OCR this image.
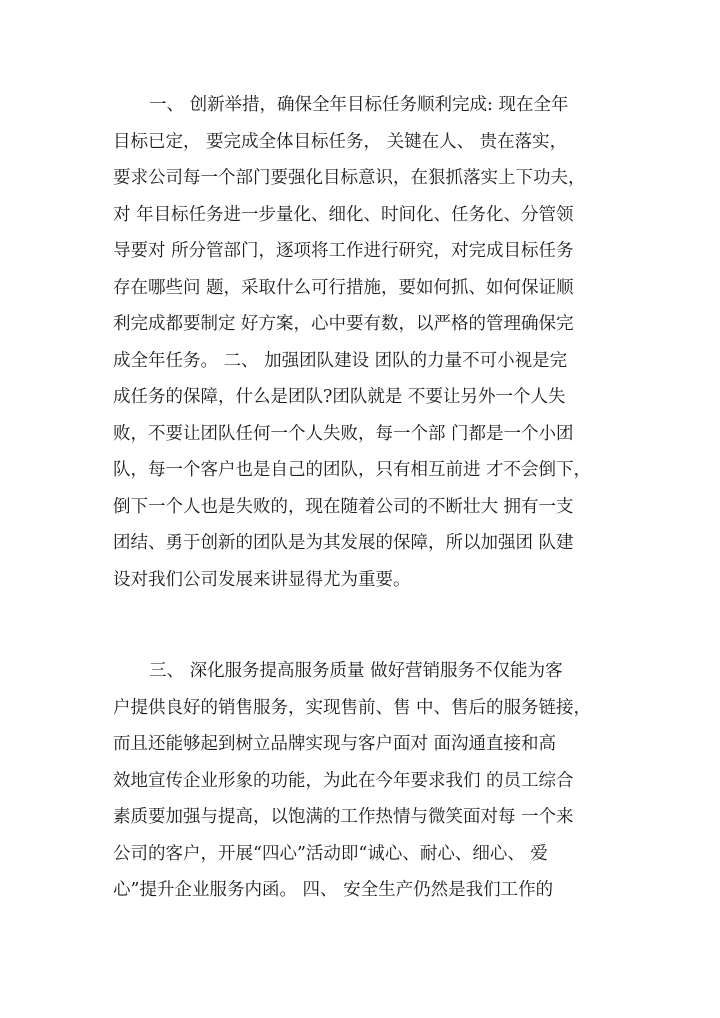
一、 创新举措，确保全年目标任务顺利完成: 现在全年
目标已定， 要完成全体目标任务， 关键在人、 贵在落实，
要求公司每一个部门要强化目标意识，在狠抓落实上下功夫，
对 年目标任务进一步量化、细化、时间化、任务化、分管领
导要对 所分管部门，逐项将工作进行研究，对完成目标任务
存在哪些问 题，采取什么可行措施，要如何抓、如何保证顺
利完成都要制定 好方案，心中要有数，以严格的管理确保完
成全年任务。 二、 加强团队建设 团队的力量不可小视是完
成任务的保障，什么是团队?团队就是 不要让另外一个人失
败，不要让团队任何一个人失败，每一个部 门都是一个小团
队，每一个客户也是自己的团队，只有相互前进 才不会倒下，
倒下一个人也是失败的，现在随着公司的不断壮大 拥有一支
团结、勇于创新的团队是为其发展的保障，所以加强团 队建
设对我们公司发展来讲显得尤为重要。
三、 深化服务提高服务质量 做好营销服务不仅能为客
户提供良好的销售服务，实现售前、售 中、售后的服务链接，
而且还能够起到树立品牌实现与客户面对 面沟通直接和高
效地宣传企业形象的功能，为此在今年要求我们 的员工综合
素质要加强与提高，以饱满的工作热情与微笑面对每 一个来
公司的客户，开展“四心”活动即“诚心、耐心、细心、 爱
心”提升企业服务内函。 四、 安全生产仍然是我们工作的
